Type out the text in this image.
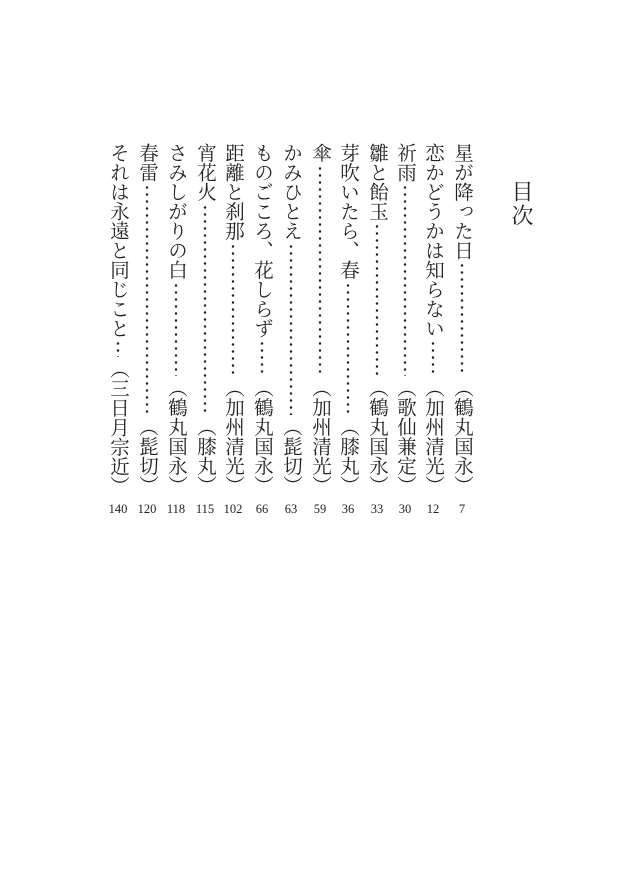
目次
星が降った日
（鶴丸国永）
7
恋かどうかは知らない
（加州清光）
12
祈雨
（歌仙兼定）
30
雛と飴玉
（鶴丸国永）
33
芽吹いたら、春
（膝丸）
36
傘
（加州清光）
59
かみひとえ
（髭切）
63
ものごころ、花しらず
（鶴丸国永）
66
距離と刹那
（加州清光）
102
宵花火
（膝丸）
115
さみしがりの白
（鶴丸国永）
118
春雷
（髭切）
120
それは永遠と同じこと
（三日月宗近）
140
